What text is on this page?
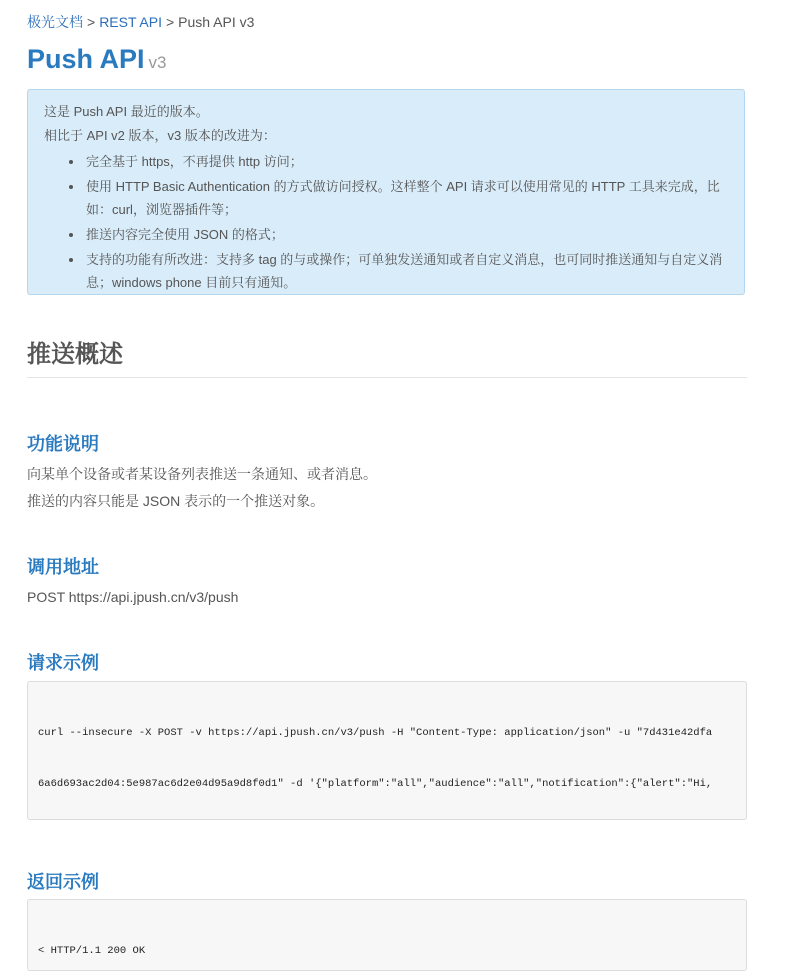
极光文档 > REST API > Push API v3
Push API v3

这是 Push API 最近的版本。

相比于 API v2 版本，v3 版本的改进为：

• 完全基于 https，不再提供 http 访问；
• 使用 HTTP Basic Authentication 的方式做访问授权。这样整个 API 请求可以使用常见的 HTTP 工具来完成，比如：curl，浏览器插件等；
• 推送内容完全使用 JSON 的格式；
• 支持的功能有所改进：支持多 tag 的与或操作；可单独发送通知或者自定义消息，也可同时推送通知与自定义消息；windows phone 目前只有通知。
推送概述
功能说明

向某单个设备或者某设备列表推送一条通知、或者消息。

推送的内容只能是 JSON 表示的一个推送对象。

调用地址

POST https://api.jpush.cn/v3/push

请求示例

curl --insecure -X POST -v https://api.jpush.cn/v3/push -H "Content-Type: application/json" -u "7d431e42dfa

6a6d693ac2d04:5e987ac6d2e04d95a9d8f0d1" -d '{"platform":"all","audience":"all","notification":{"alert":"Hi,

返回示例

< HTTP/1.1 200 OK
